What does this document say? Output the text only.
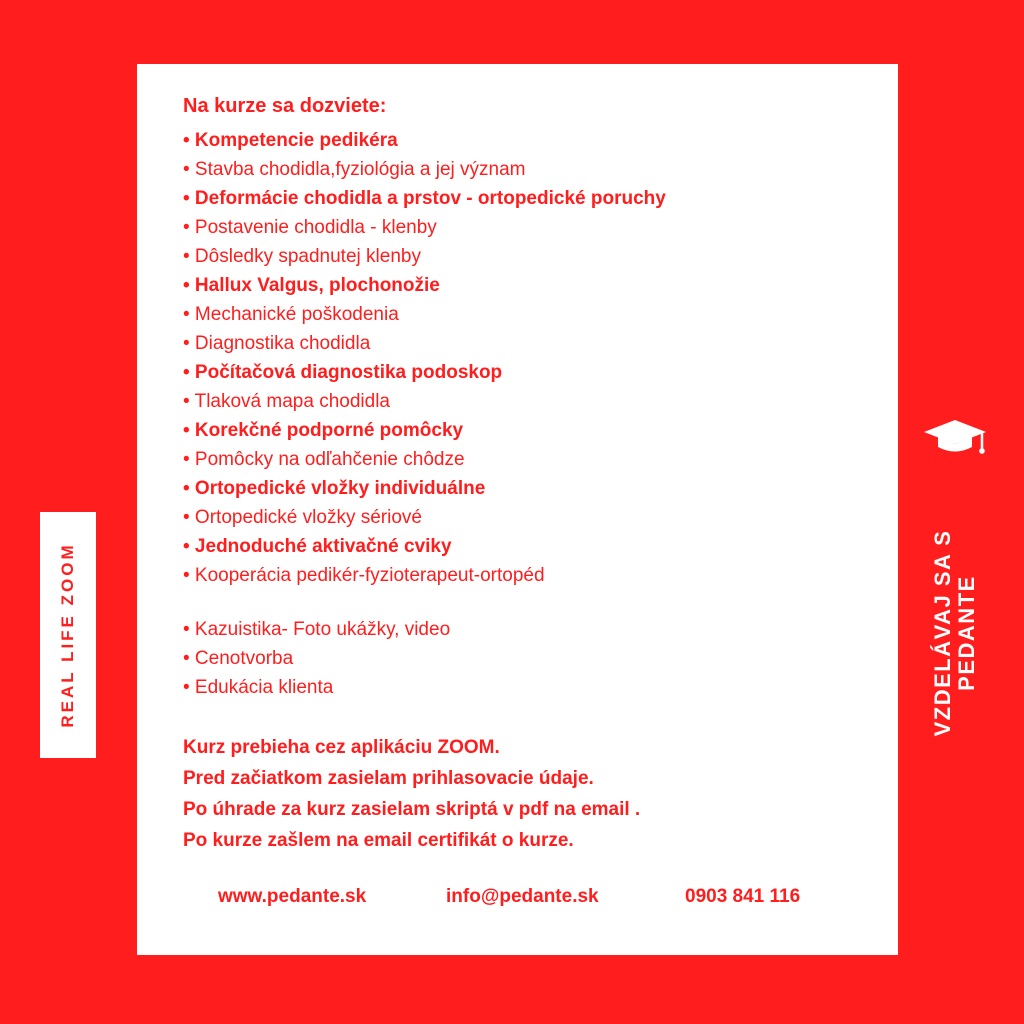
Na kurze sa dozviete:

• Kompetencie pedikéra
• Stavba chodidla,fyziológia a jej význam
• Deformácie chodidla a prstov - ortopedické poruchy
• Postavenie chodidla - klenby
• Dôsledky spadnutej klenby
• Hallux Valgus, plochonožie
• Mechanické poškodenia
• Diagnostika chodidla
• Počítačová diagnostika podoskop
• Tlaková mapa chodidla
• Korekčné podporné pomôcky
• Pomôcky na odľahčenie chôdze
• Ortopedické vložky individuálne
• Ortopedické vložky sériové
• Jednoduché aktivačné cviky
• Kooperácia pedikér-fyzioterapeut-ortopéd
• Kazuistika- Foto ukážky, video
• Cenotvorba
• Edukácia klienta

Kurz prebieha cez aplikáciu ZOOM.

Pred začiatkom zasielam prihlasovacie údaje.

Po úhrade za kurz zasielam skriptá v pdf na email .

Po kurze zašlem na email certifikát o kurze.

www.pedante.sk	info@pedante.sk	0903 841 116
REAL LIFE ZOOM	VZDELÁVAJ SA S PEDANTE
